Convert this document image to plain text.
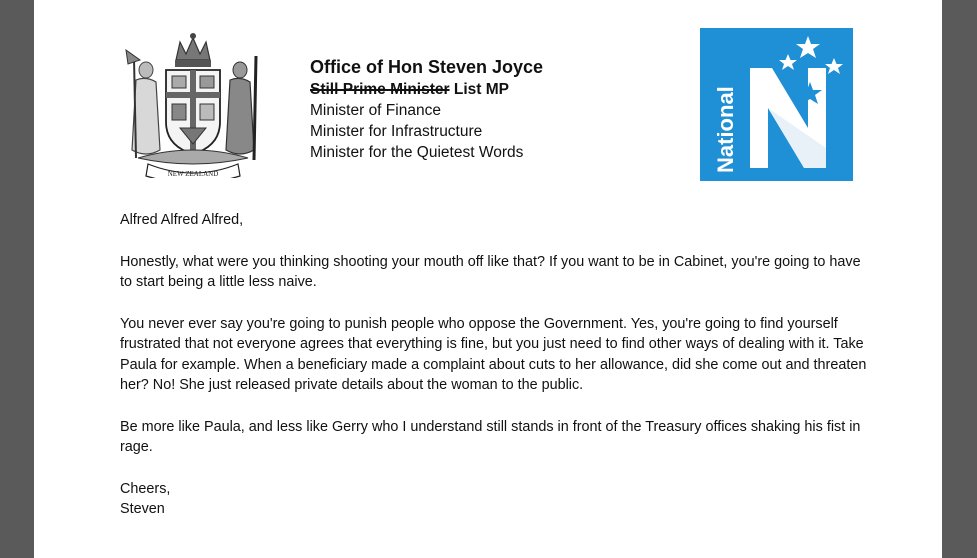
NEW ZEALAND
Office of Hon Steven Joyce
Still Prime Minister List MP
Minister of Finance
Minister for Infrastructure
Minister for the Quietest Words	National

Alfred Alfred Alfred,

Honestly, what were you thinking shooting your mouth off like that? If you want to be in Cabinet, you're going to have to start being a little less naive.

You never ever say you're going to punish people who oppose the Government. Yes, you're going to find yourself frustrated that not everyone agrees that everything is fine, but you just need to find other ways of dealing with it. Take Paula for example. When a beneficiary made a complaint about cuts to her allowance, did she come out and threaten her? No! She just released private details about the woman to the public.

Be more like Paula, and less like Gerry who I understand still stands in front of the Treasury offices shaking his fist in rage.

Cheers,
Steven
